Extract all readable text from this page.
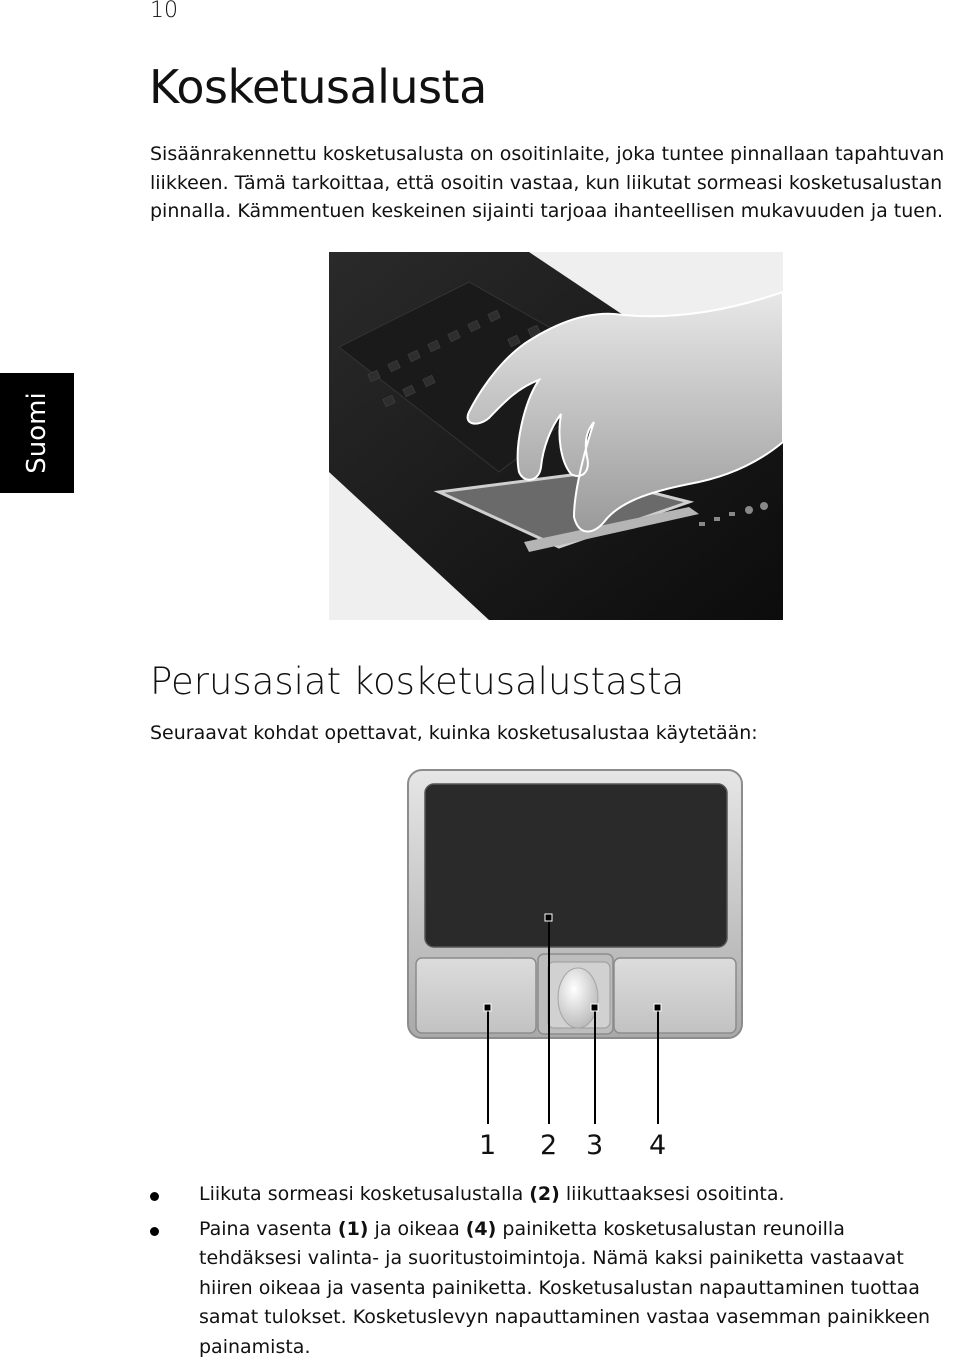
10
Kosketusalusta

Sisäänrakennettu kosketusalusta on osoitinlaite, joka tuntee pinnallaan tapahtuvan liikkeen. Tämä tarkoittaa, että osoitin vastaa, kun liikutat sormeasi kosketusalustan pinnalla. Kämmentuen keskeinen sijainti tarjoaa ihanteellisen mukavuuden ja tuen.

Suomi
Perusasiat kosketusalustasta

Seuraavat kohdat opettavat, kuinka kosketusalustaa käytetään:

1 2 3 4
Liikuta sormeasi kosketusalustalla (2) liikuttaaksesi osoitinta.
Paina vasenta (1) ja oikeaa (4) painiketta kosketusalustan reunoilla tehdäksesi valinta- ja suoritustoimintoja. Nämä kaksi painiketta vastaavat hiiren oikeaa ja vasenta painiketta. Kosketusalustan napauttaminen tuottaa samat tulokset. Kosketuslevyn napauttaminen vastaa vasemman painikkeen painamista.
